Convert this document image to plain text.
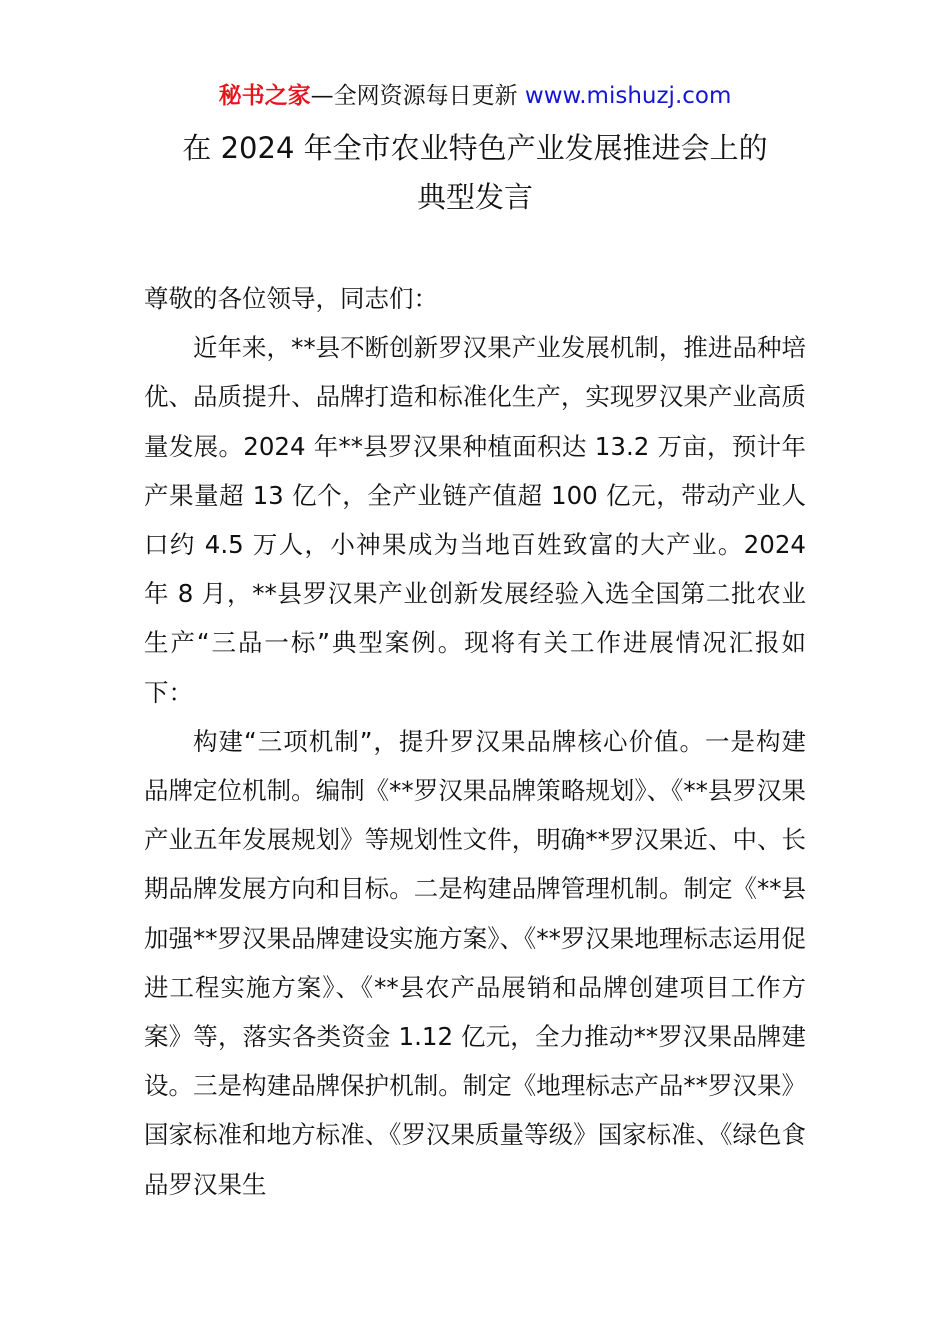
秘书之家—全网资源每日更新 www.mishuzj.com
在 2024 年全市农业特色产业发展推进会上的
典型发言

尊敬的各位领导，同志们：

近年来，**县不断创新罗汉果产业发展机制，推进品种培优、品质提升、品牌打造和标准化生产，实现罗汉果产业高质量发展。2024 年**县罗汉果种植面积达 13.2 万亩，预计年产果量超 13 亿个，全产业链产值超 100 亿元，带动产业人口约 4.5 万人，小神果成为当地百姓致富的大产业。2024 年 8 月，**县罗汉果产业创新发展经验入选全国第二批农业生产“三品一标”典型案例。现将有关工作进展情况汇报如下：

构建“三项机制”，提升罗汉果品牌核心价值。一是构建品牌定位机制。编制《**罗汉果品牌策略规划》、《**县罗汉果产业五年发展规划》等规划性文件，明确**罗汉果近、中、长期品牌发展方向和目标。二是构建品牌管理机制。制定《**县加强**罗汉果品牌建设实施方案》、《**罗汉果地理标志运用促进工程实施方案》、《**县农产品展销和品牌创建项目工作方案》等，落实各类资金 1.12 亿元，全力推动**罗汉果品牌建设。三是构建品牌保护机制。制定《地理标志产品**罗汉果》国家标准和地方标准、《罗汉果质量等级》国家标准、《绿色食品罗汉果生
